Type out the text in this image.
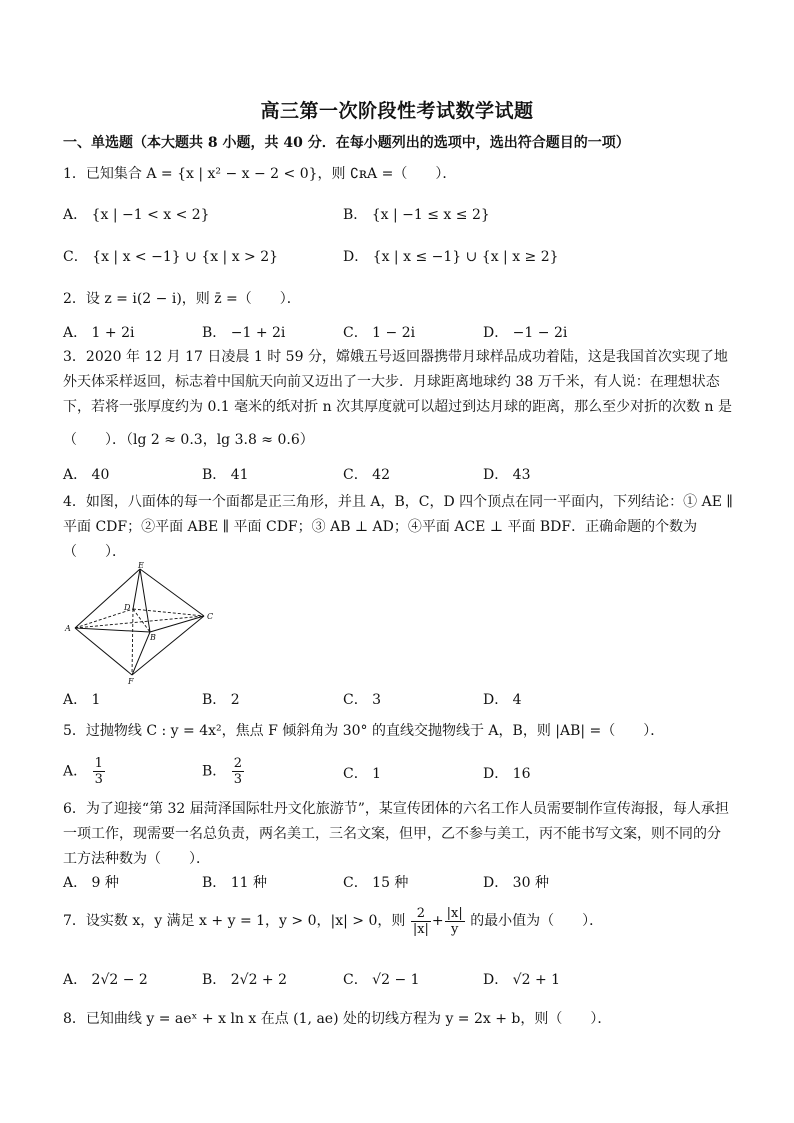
高三第一次阶段性考试数学试题
一、单选题（本大题共 8 小题，共 40 分．在每小题列出的选项中，选出符合题目的一项）
1．已知集合 A = {x | x² − x − 2 < 0}，则 ∁ʀA =（　　）．
A． {x | −1 < x < 2}	B． {x | −1 ≤ x ≤ 2}
C． {x | x < −1} ∪ {x | x > 2}	D． {x | x ≤ −1} ∪ {x | x ≥ 2}
2．设 z = i(2 − i)，则 z̄ =（　　）．
A． 1 + 2i	B． −1 + 2i	C． 1 − 2i	D． −1 − 2i
3．2020 年 12 月 17 日凌晨 1 时 59 分，嫦娥五号返回器携带月球样品成功着陆，这是我国首次实现了地外天体采样返回，标志着中国航天向前又迈出了一大步．月球距离地球约 38 万千米，有人说：在理想状态下，若将一张厚度约为 0.1 毫米的纸对折 n 次其厚度就可以超过到达月球的距离，那么至少对折的次数 n 是
（　　）．（lg 2 ≈ 0.3，lg 3.8 ≈ 0.6）
A． 40	B． 41	C． 42	D． 43
4．如图，八面体的每一个面都是正三角形，并且 A，B，C，D 四个顶点在同一平面内，下列结论：① AE ∥ 平面 CDF；②平面 ABE ∥ 平面 CDF；③ AB ⊥ AD；④平面 ACE ⊥ 平面 BDF．正确命题的个数为（　　）．
E
D
A
B
C
F
A． 1	B． 2	C． 3	D． 4
5．过抛物线 C : y = 4x²，焦点 F 倾斜角为 30° 的直线交抛物线于 A，B，则 |AB| =（　　）．
A． $\frac{1}{3}$	B． $\frac{2}{3}$	C． 1	D． 16
6．为了迎接“第 32 届菏泽国际牡丹文化旅游节”，某宣传团体的六名工作人员需要制作宣传海报，每人承担一项工作，现需要一名总负责，两名美工，三名文案，但甲，乙不参与美工，丙不能书写文案，则不同的分工方法种数为（　　）．
A． 9 种	B． 11 种	C． 15 种	D． 30 种
7．设实数 x，y 满足 x + y = 1，y > 0，|x| > 0，则 $\frac{2}{|x|} + \frac{|x|}{y}$ 的最小值为（　　）．
A． 2√2 − 2	B． 2√2 + 2	C． √2 − 1	D． √2 + 1
8．已知曲线 y = aeˣ + x ln x 在点 (1, ae) 处的切线方程为 y = 2x + b，则（　　）．
